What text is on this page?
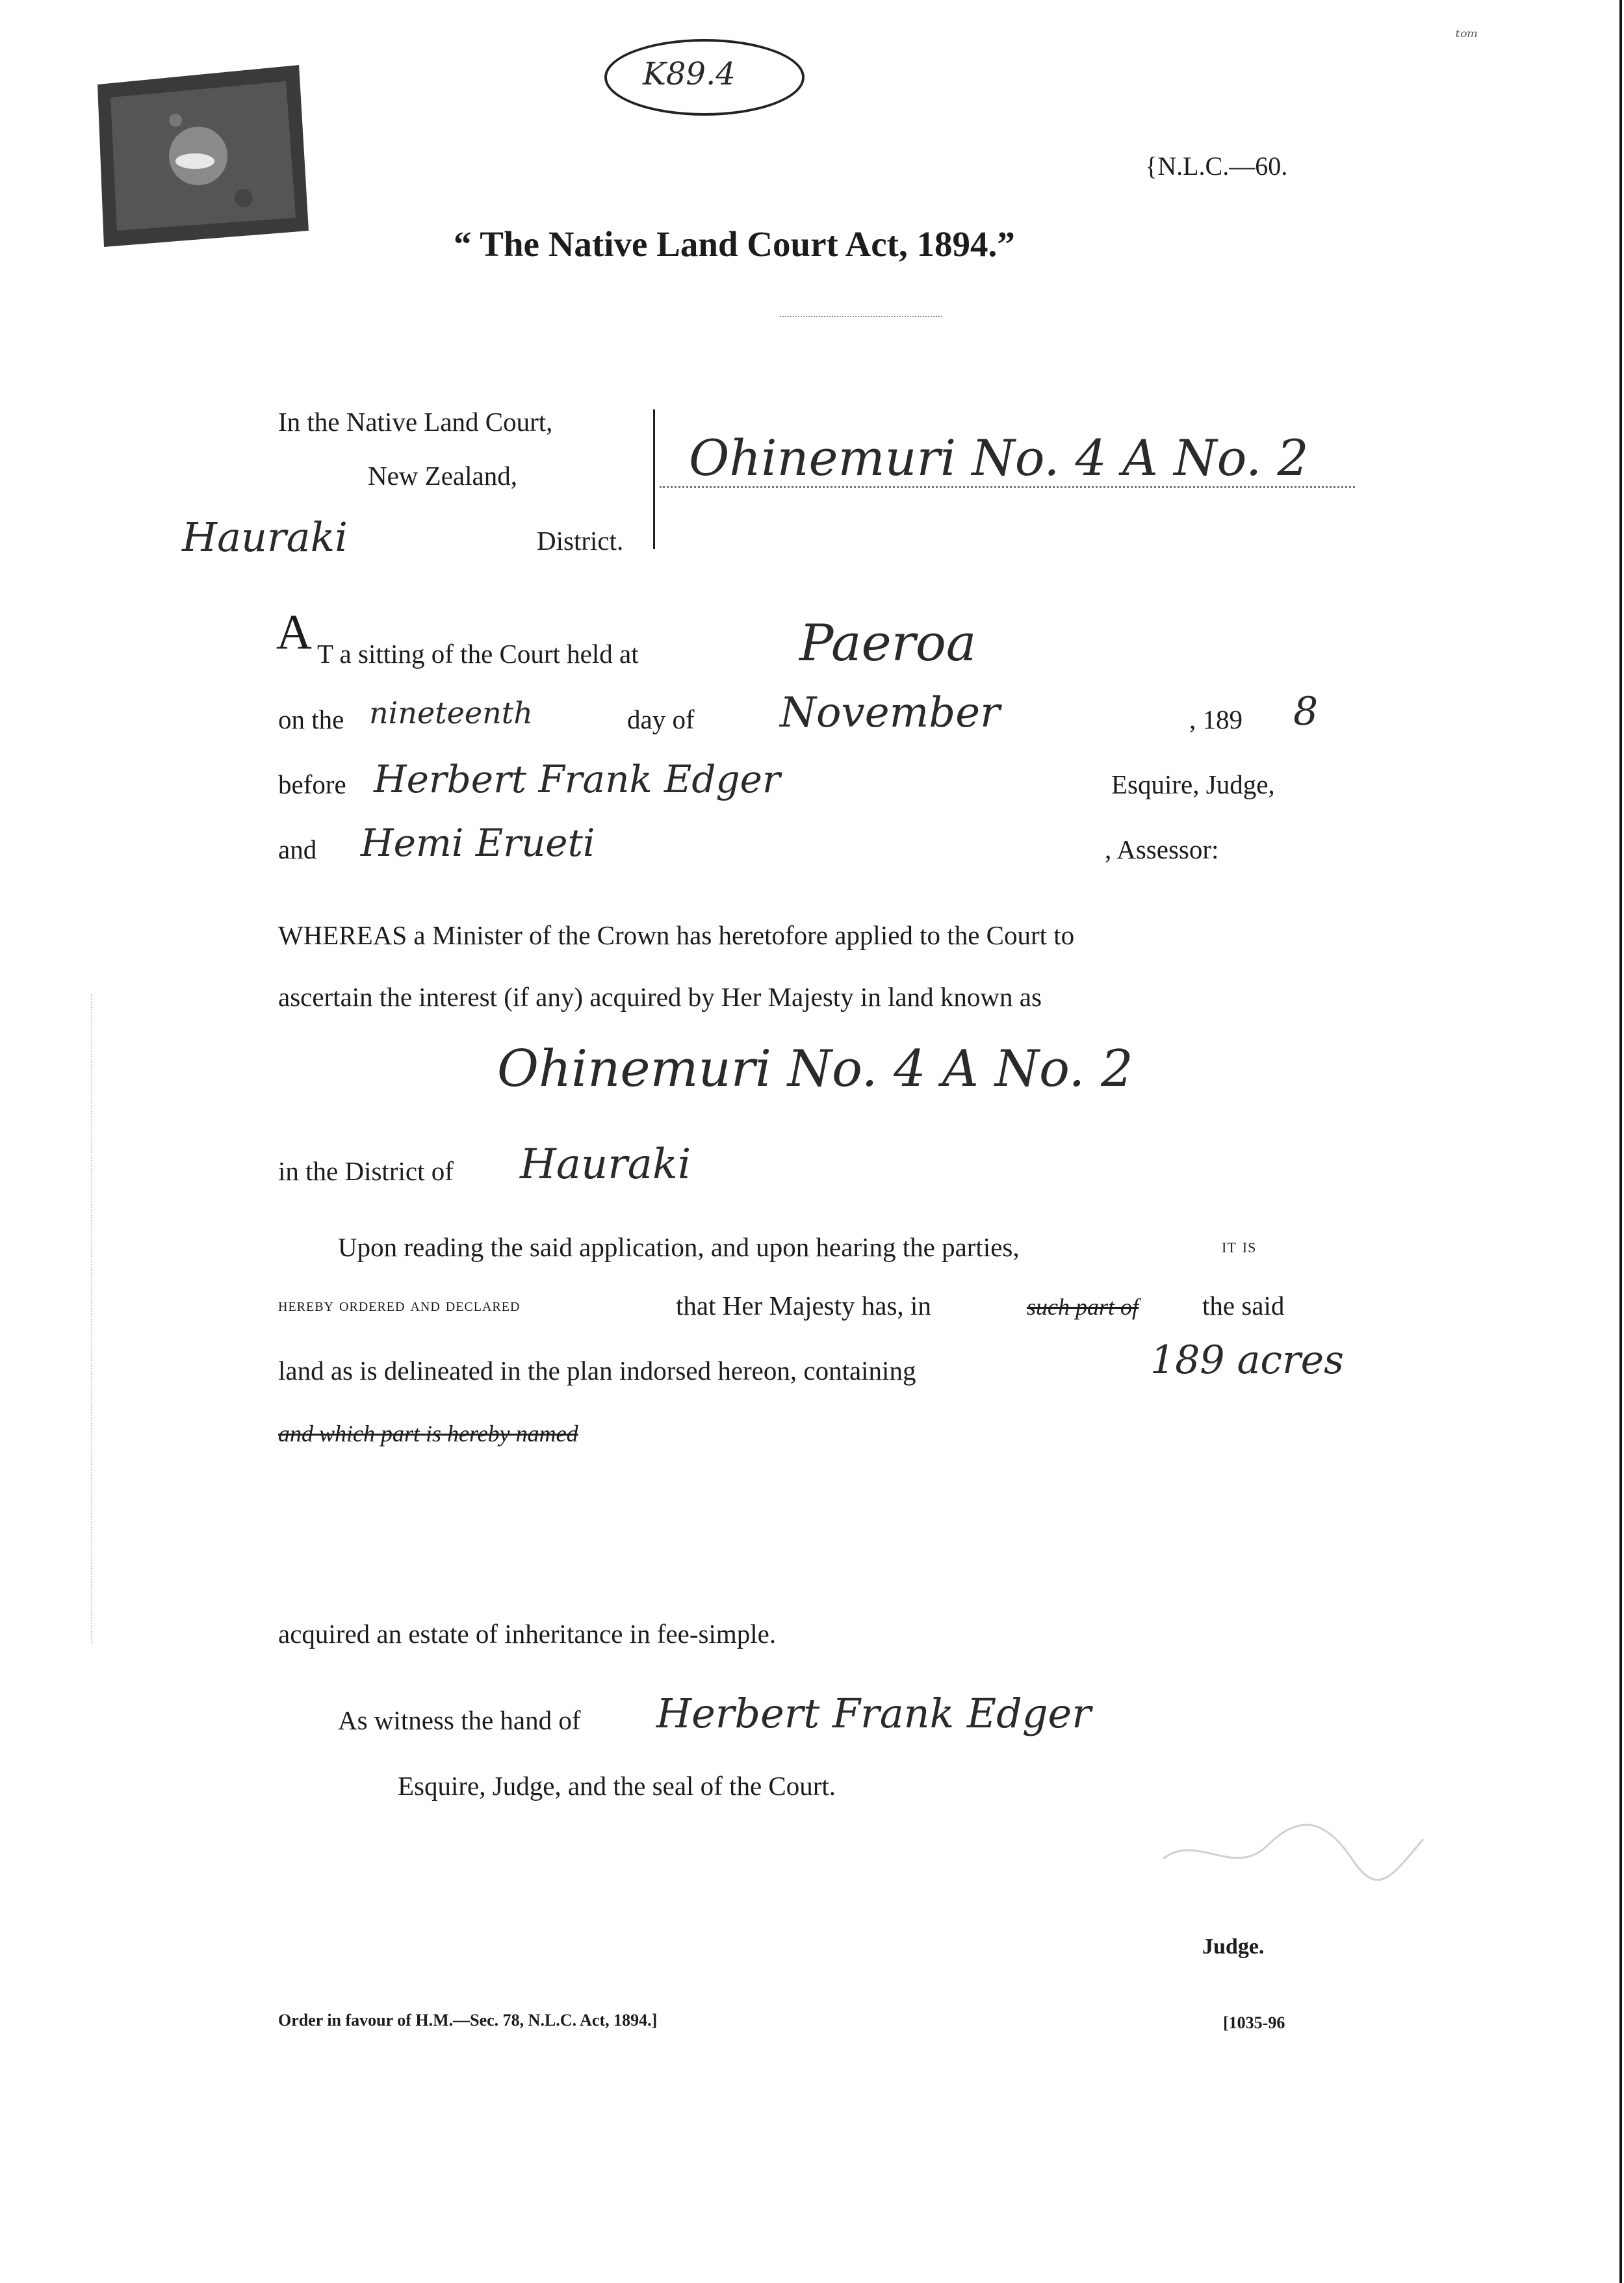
K89.4
ᵗᵒᵐ
{N.L.C.—60.
“ The Native Land Court Act, 1894.”
In the Native Land Court,
New Zealand,
Hauraki	District.
Ohinemuri No. 4 A No. 2
A T a sitting of the Court held at	Paeroa
on the nineteenth	day of November	, 189 8
before Herbert Frank Edger	Esquire, Judge,
and Hemi Erueti	, Assessor:
WHEREAS a Minister of the Crown has heretofore applied to the Court to
ascertain the interest (if any) acquired by Her Majesty in land known as
Ohinemuri No. 4 A No. 2
in the District of Hauraki
Upon reading the said application, and upon hearing the parties,	it is
hereby ordered and declared	that Her Majesty has, in	such part of the said
land as is delineated in the plan indorsed hereon, containing	189 acres
and which part is hereby named
acquired an estate of inheritance in fee-simple.
As witness the hand of Herbert Frank Edger
Esquire, Judge, and the seal of the Court.
Judge.
Order in favour of H.M.—Sec. 78, N.L.C. Act, 1894.]	[1035-96
